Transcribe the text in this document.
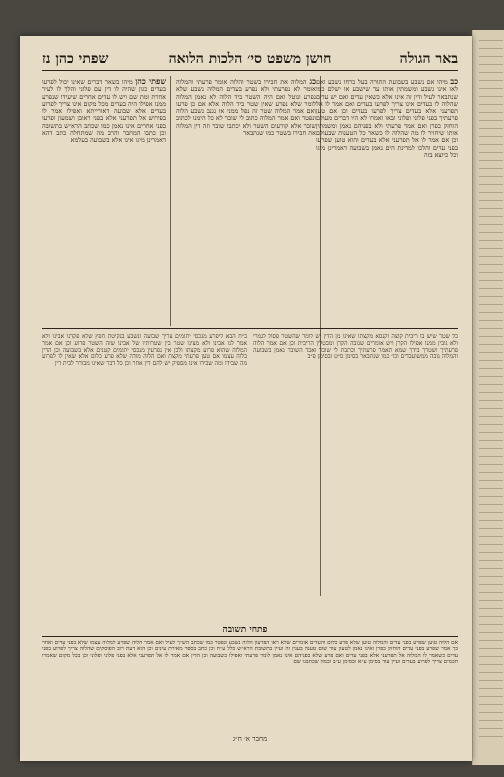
באר הגולה
חושן משפט סי׳ הלכות הלואה
שפתי כהן נז
כב מיהו אם נשבע בשבועת התורה בעל כרחו נשבע ואם לאו אינו נשבע ומשמתין אותו עד שישבע או ישלם כמו שנתבאר לעיל ודין זה אינו אלא כשאין עדים ואם יש עדים שהלוה לו בעדים אינו צריך לפרעו בעדים ואם אמר לו אל תפרעני אלא בעדים צריך לפרעו בעדים וכן אם טען פרעתיך בפני פלוני ופלוני ובאו ואמרו לא היו דברים מעולם הוחזק כפרן ואם אמר פרעתי ולא בפניהם נאמן ומשמתין אותו שיחזיר לו מה שהלוה לו כשאר כל הטענות שבעולם וכן אם אמר לו אל תפרעני אלא בעדים והוא טוען שפרעו בפני עדים והלכו למדינת הים נאמן בשבועה דאמרינן מיגו וכל כיוצא בזה
כג המלוה את חבירו בשטר והלוה אומר פרעתי והמלוה אומר לא נפרעתי ולא נפרע בעדים המלוה נשבע שלא נפרע ונוטל ואם היה השטר ביד הלוה לא נאמן המלוה לומר שלא נפרע שאין שטר ביד הלוה אלא אם כן פרעו ואם אמר המלוה שטר זה נפל ממני או נגנב נשבע הלוה ונפטר ואם אמר המלוה כתוב לי שובר לא כל הימנו לכתוב שובר אלא קורעים השטר ולא יכתבו שובר וזה דין המלוה את חבירו בשטר כמו שנתבאר
שפתי כהן מיהו בשאר דברים שאינו יכול לפרעו בעדים כגון שהיה לו דין עם פלוני והלך לו לעיר אחרת ומת שם ויש לו עדים אחרים שיעידו שנפרע ממנו אפילו היה בעדים מכל מקום אינו צריך לפרוע בעדים אלא שבועה דאורייתא ואפילו אמר לו בפירוש אל תפרעני אלא בפני ראובן ושמעון ופרעו בפני אחרים אינו נאמן כמו שכתב הרא״ש בתשובה וכן כתבו המחבר והרב מה שמתחלה כתב דהא דאמרינן מיגו אינו אלא בשבועה בעלמא
כל שטר שיש בו ריבית קוצה וקנסא מקצתו שאינו מן הדין יש לומר שהשטר פסול לגמרי ולא גובין ממנו אפילו הקרן ויש אומרים שגובה הקרן ומבטלין הריבית וכן אם אמר הלוה פרעתיך ושטרך בידך שמא תאמר פרעתיך וכתבת לי שובר ואבד השובר נאמן בשבועה והמלוה גובה ממשועבדים וכו׳ כמו שנתבאר בסימן ס״ט ובסימן פ״ב
ב״ח הבא ליפרע מנכסי יתומים צריך שבועה ונשבע בנקיטת חפץ שלא פקדנו אבינו ולא אמר לנו אבינו ולא מצינו שטר בין שטרותיו של אבינו שזה השטר פרוע וכן אם אמר המלוה שהוא פרוע מקצתו ולכן אין נפרעין מנכסי יתומים קטנים אלא בשבועה וכן הדין בלוה עצמו אם טען פרעתי מקצת ואם הלוה מודה שלא פרע כלום אלא שאין לו לפרוע מה שבידו ומה שבידו אינו מספיק יש להם דין אחר וכן כל דבר שאינו מבורר לבית דין
פתחי תשובה
אם הלוה טוען שפרע בפני עדים והמלוה טוען שלא פרע כלום והעדים אומרים שלא ראו הפרעון הלוה נשבע ונפטר כמו שכתב הש״ך לעיל ואם אמר הלוה שפרע למלוה עצמו שלא בפני עדים ואחר כך אמר שפרע בפני עדים הוחזק כפרן ואינו נאמן לטעון עוד שום טענה בענין זה ועיין בתשובת הרא״ש כלל ע״ח וכן כתב בספר מאירת עינים וכן הוא דעת רוב הפוסקים שהלוה צריך לפרוע בפני עדים כשאמר לו המלוה אל תפרעני אלא בפני עדים ואם פרע שלא בפניהם אינו נאמן לומר פרעתי ואפילו בשבועה וכן הדין אם אמר לו אל תפרעני אלא בפני פלוני ופלוני וכן בכל מקום שאמרו חכמים צריך לפרוע בעדים ועיין עוד בסימן ע״א ובסימן ע״ב ובמה שכתבנו שם
מחבר א׳ ח״ג
